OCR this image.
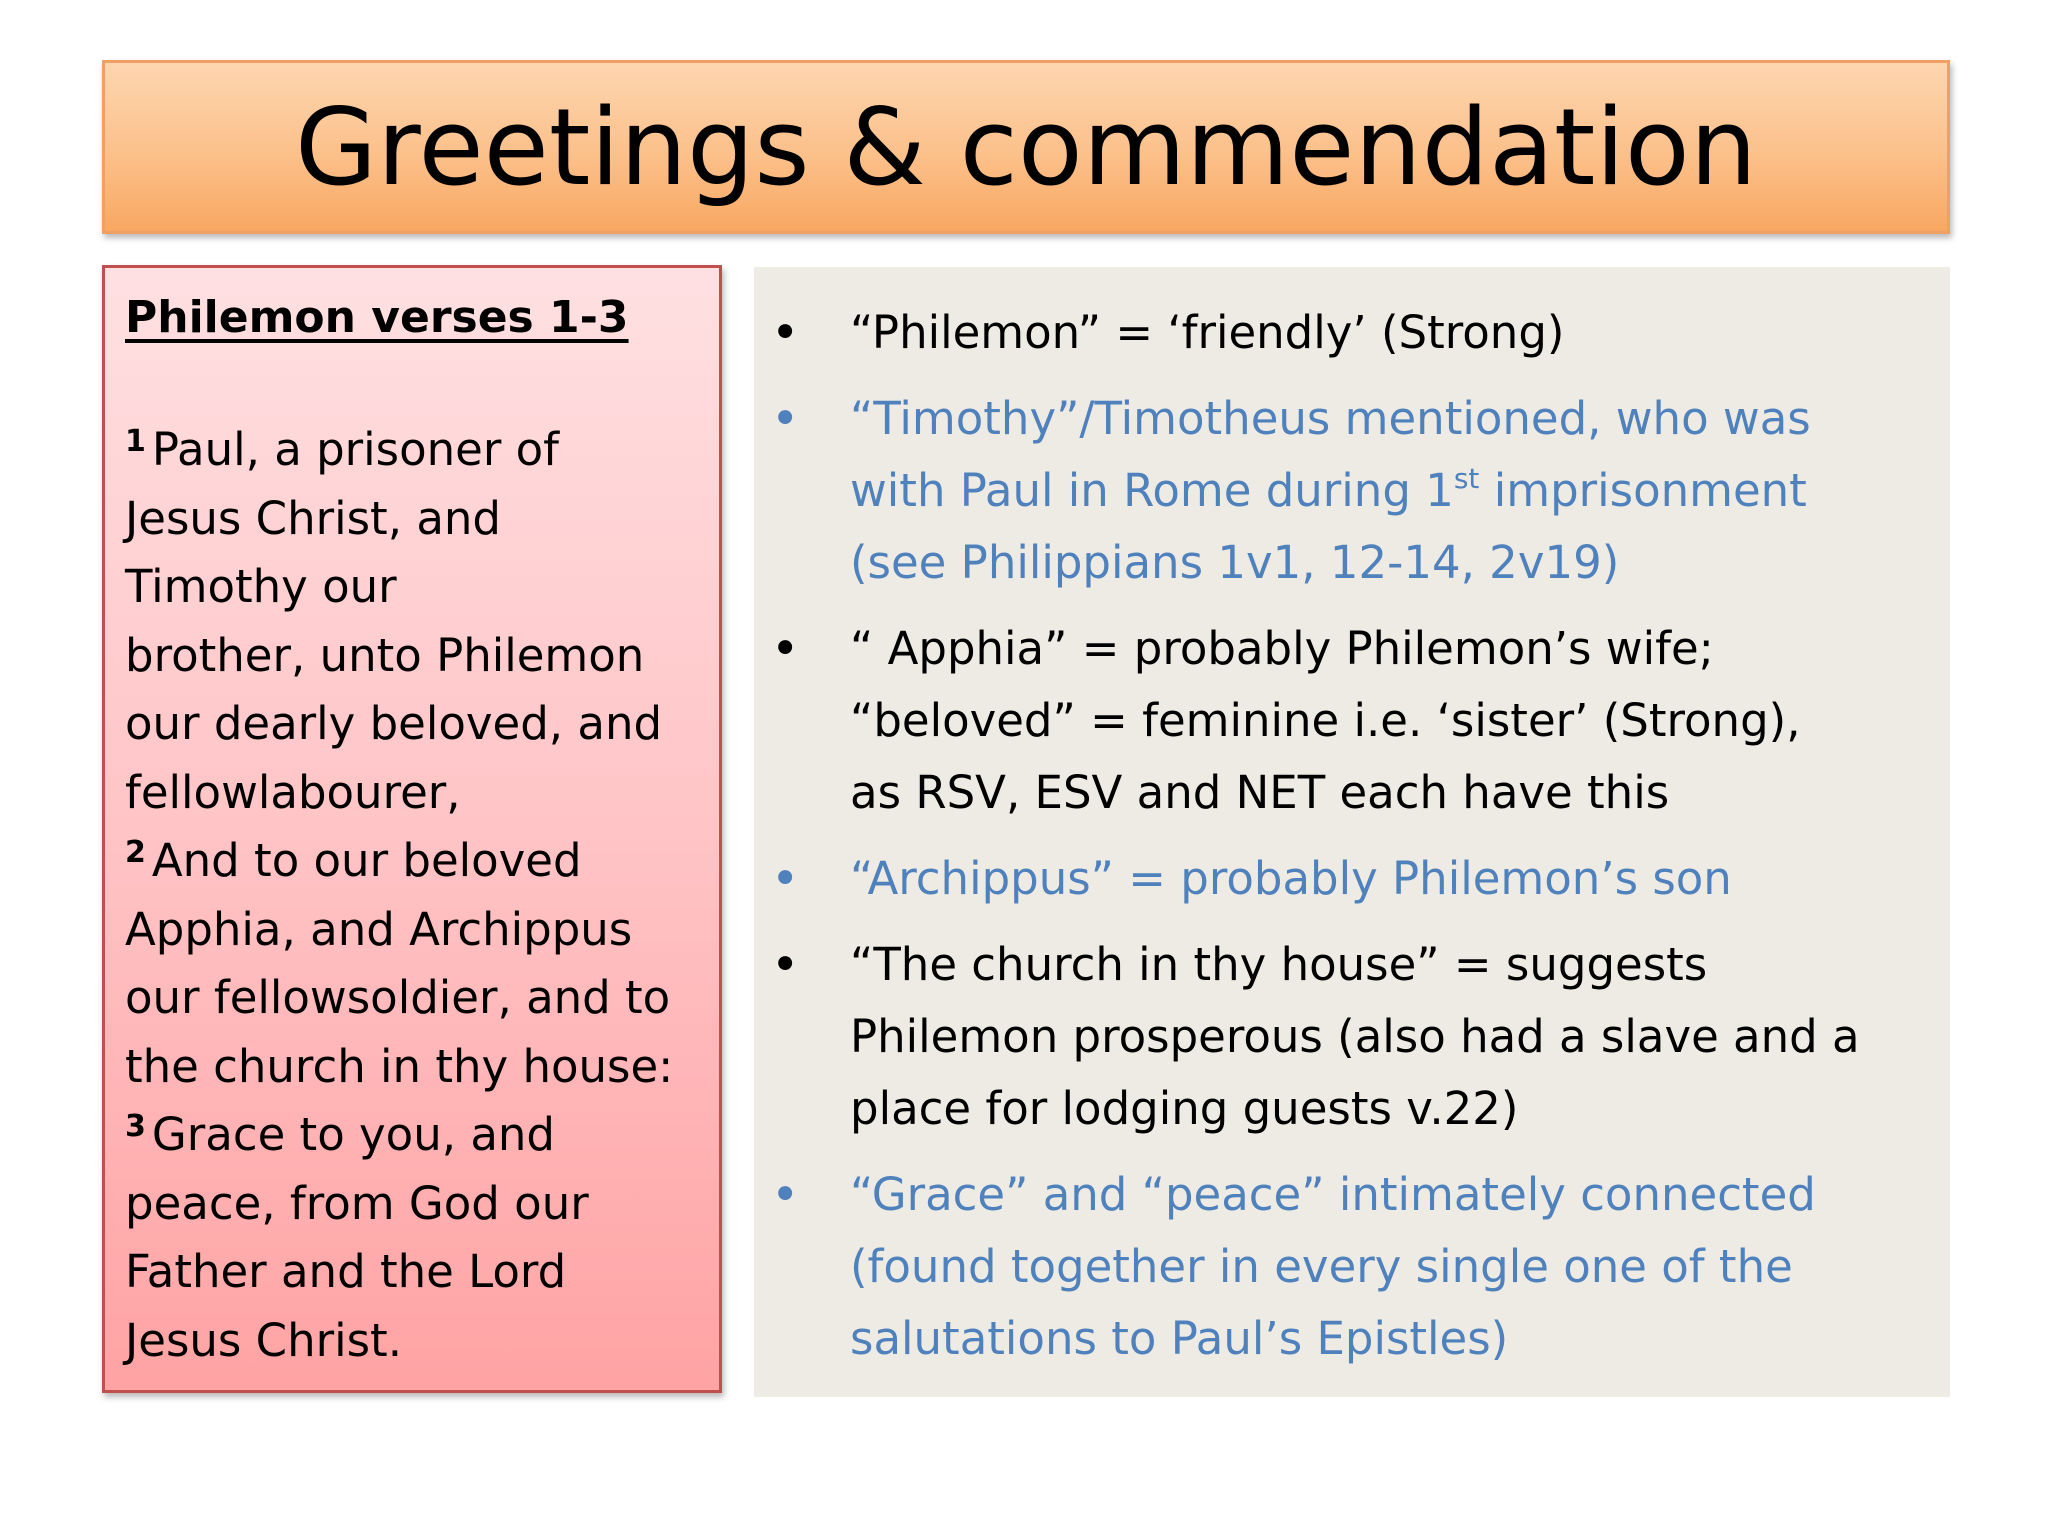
Greetings & commendation
Philemon verses 1-3
$^1$ Paul, a prisoner of
Jesus Christ, and
Timothy our
brother, unto Philemon
our dearly beloved, and
fellowlabourer,
$^2$ And to our beloved
Apphia, and Archippus
our fellowsoldier, and to
the church in thy house:
$^3$ Grace to you, and
peace, from God our
Father and the Lord
Jesus Christ.
• “Philemon” = ‘friendly’ (Strong)
• “Timothy”/Timotheus mentioned, who was
with Paul in Rome during 1st imprisonment
(see Philippians 1v1, 12-14, 2v19)
• “ Apphia” = probably Philemon’s wife;
“beloved” = feminine i.e. ‘sister’ (Strong),
as RSV, ESV and NET each have this
• “Archippus” = probably Philemon’s son
• “The church in thy house” = suggests
Philemon prosperous (also had a slave and a
place for lodging guests v.22)
• “Grace” and “peace” intimately connected
(found together in every single one of the
salutations to Paul’s Epistles)
